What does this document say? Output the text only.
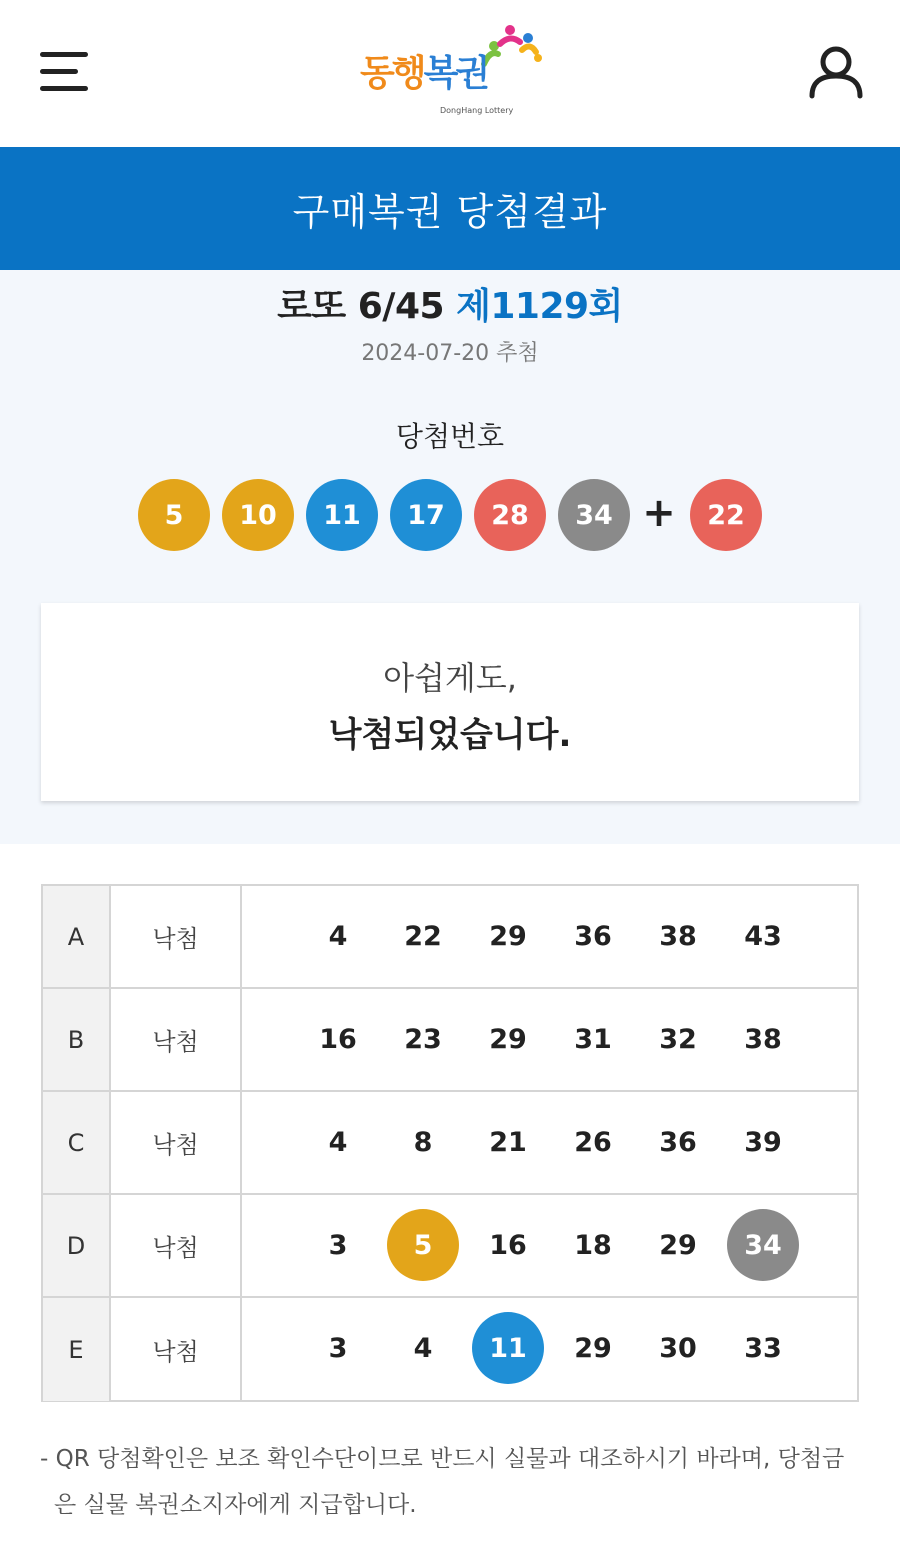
동행복권
DongHang Lottery
구매복권 당첨결과
로또 6/45 제1129회
2024-07-20 추첨
당첨번호
5	10	11	17	28	34 +	22
아쉽게도,
낙첨되었습니다.
A	낙첨	4	22	29	36	38	43
B	낙첨	16	23	29	31	32	38
C	낙첨	4	8	21	26	36	39
D	낙첨	3	5	16	18	29	34
E	낙첨	3	4	11	29	30	33
- QR 당첨확인은 보조 확인수단이므로 반드시 실물과 대조하시기 바라며, 당첨금
은 실물 복권소지자에게 지급합니다.
